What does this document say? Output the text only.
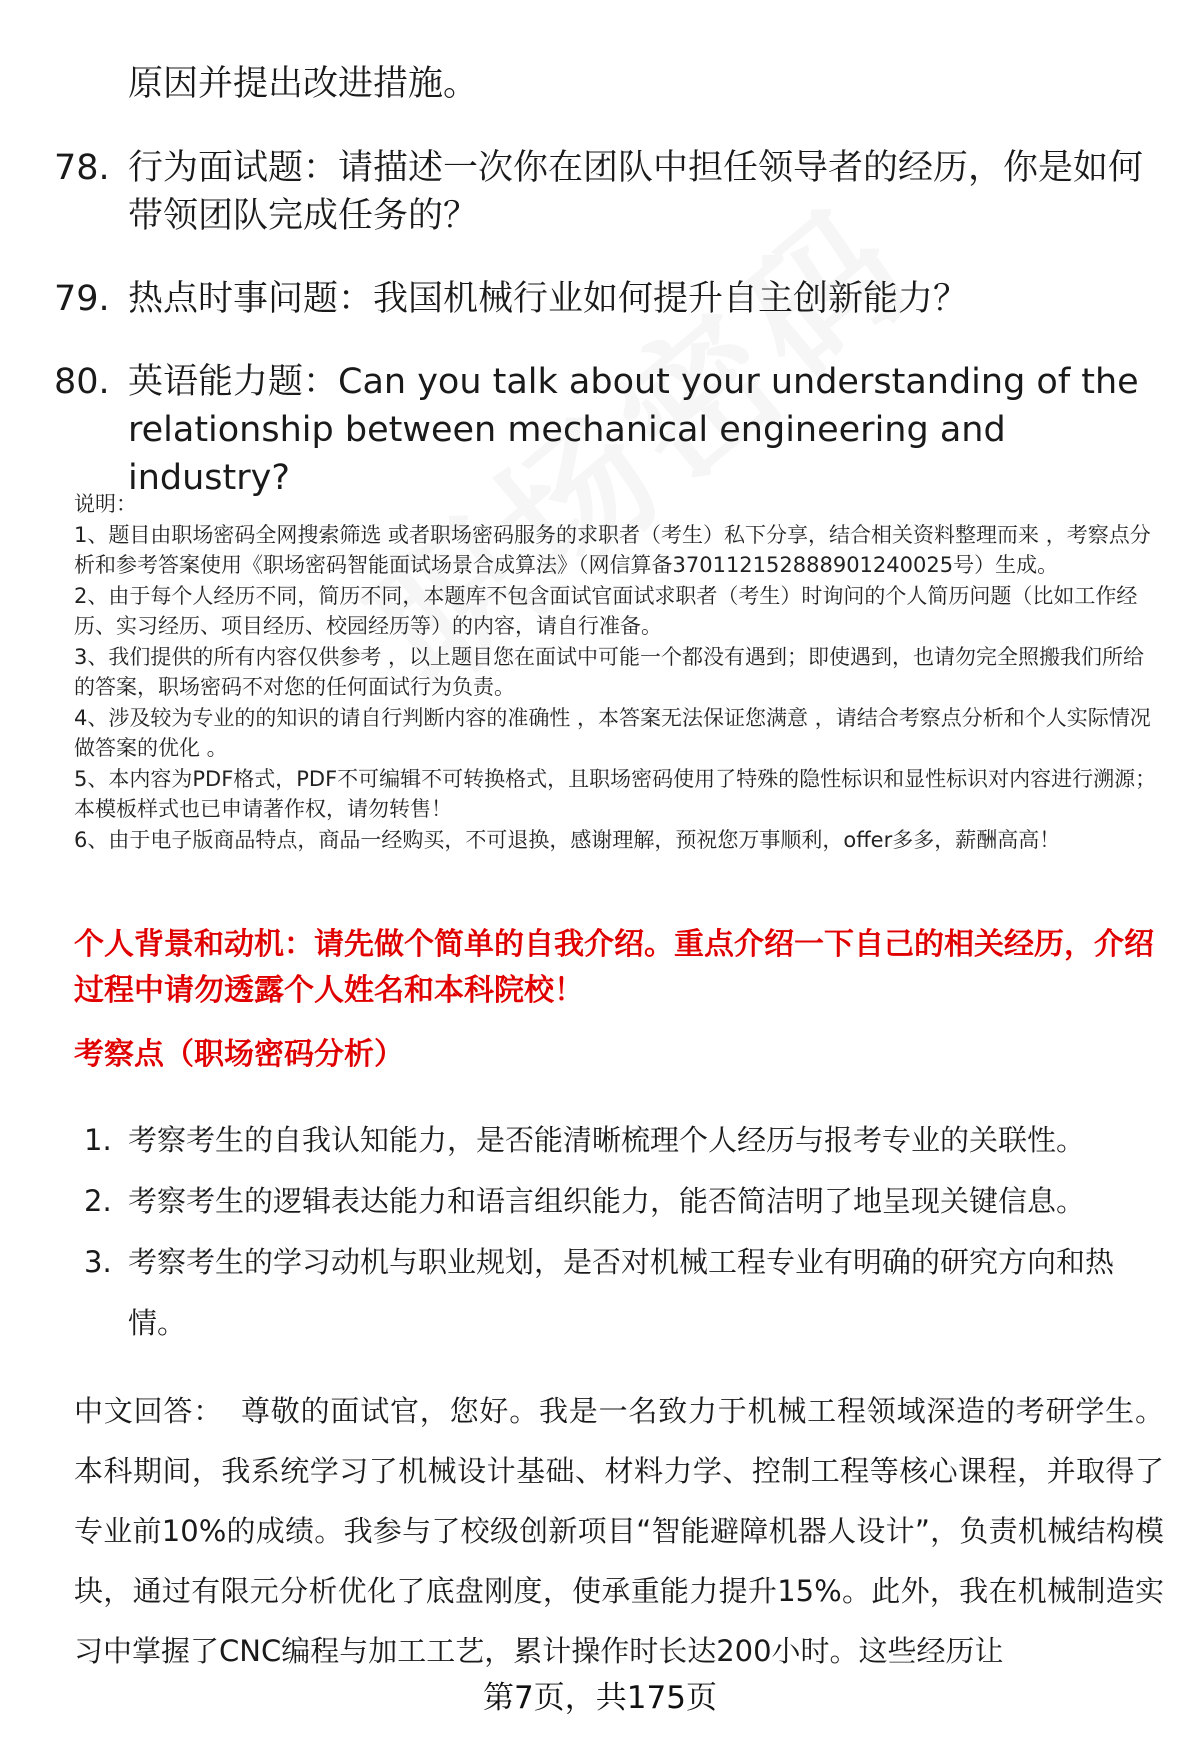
原因并提出改进措施。
78. 行为面试题：请描述一次你在团队中担任领导者的经历，你是如何带领团队完成任务的？
79. 热点时事问题：我国机械行业如何提升自主创新能力？
80. 英语能力题：Can you talk about your understanding of the relationship between mechanical engineering and industry?

说明：

1、题目由职场密码全网搜索筛选 或者职场密码服务的求职者（考生）私下分享，结合相关资料整理而来 ，考察点分析和参考答案使用《职场密码智能面试场景合成算法》（网信算备370112152888901240025号）生成。

2、由于每个人经历不同，简历不同，本题库不包含面试官面试求职者（考生）时询问的个人简历问题（比如工作经历、实习经历、项目经历、校园经历等）的内容，请自行准备。

3、我们提供的所有内容仅供参考 ，以上题目您在面试中可能一个都没有遇到；即使遇到，也请勿完全照搬我们所给的答案，职场密码不对您的任何面试行为负责。

4、涉及较为专业的的知识的请自行判断内容的准确性 ，本答案无法保证您满意 ，请结合考察点分析和个人实际情况做答案的优化 。

5、本内容为PDF格式，PDF不可编辑不可转换格式，且职场密码使用了特殊的隐性标识和显性标识对内容进行溯源；本模板样式也已申请著作权，请勿转售！

6、由于电子版商品特点，商品一经购买，不可退换，感谢理解，预祝您万事顺利，offer多多，薪酬高高！

个人背景和动机：请先做个简单的自我介绍。重点介绍一下自己的相关经历，介绍过程中请勿透露个人姓名和本科院校！
考察点（职场密码分析）
1. 考察考生的自我认知能力，是否能清晰梳理个人经历与报考专业的关联性。
2. 考察考生的逻辑表达能力和语言组织能力，能否简洁明了地呈现关键信息。
3. 考察考生的学习动机与职业规划，是否对机械工程专业有明确的研究方向和热情。
中文回答： 尊敬的面试官，您好。我是一名致力于机械工程领域深造的考研学生。本科期间，我系统学习了机械设计基础、材料力学、控制工程等核心课程，并取得了专业前10%的成绩。我参与了校级创新项目“智能避障机器人设计”，负责机械结构模块，通过有限元分析优化了底盘刚度，使承重能力提升15%。此外，我在机械制造实习中掌握了CNC编程与加工工艺，累计操作时长达200小时。这些经历让
第7页，共175页
